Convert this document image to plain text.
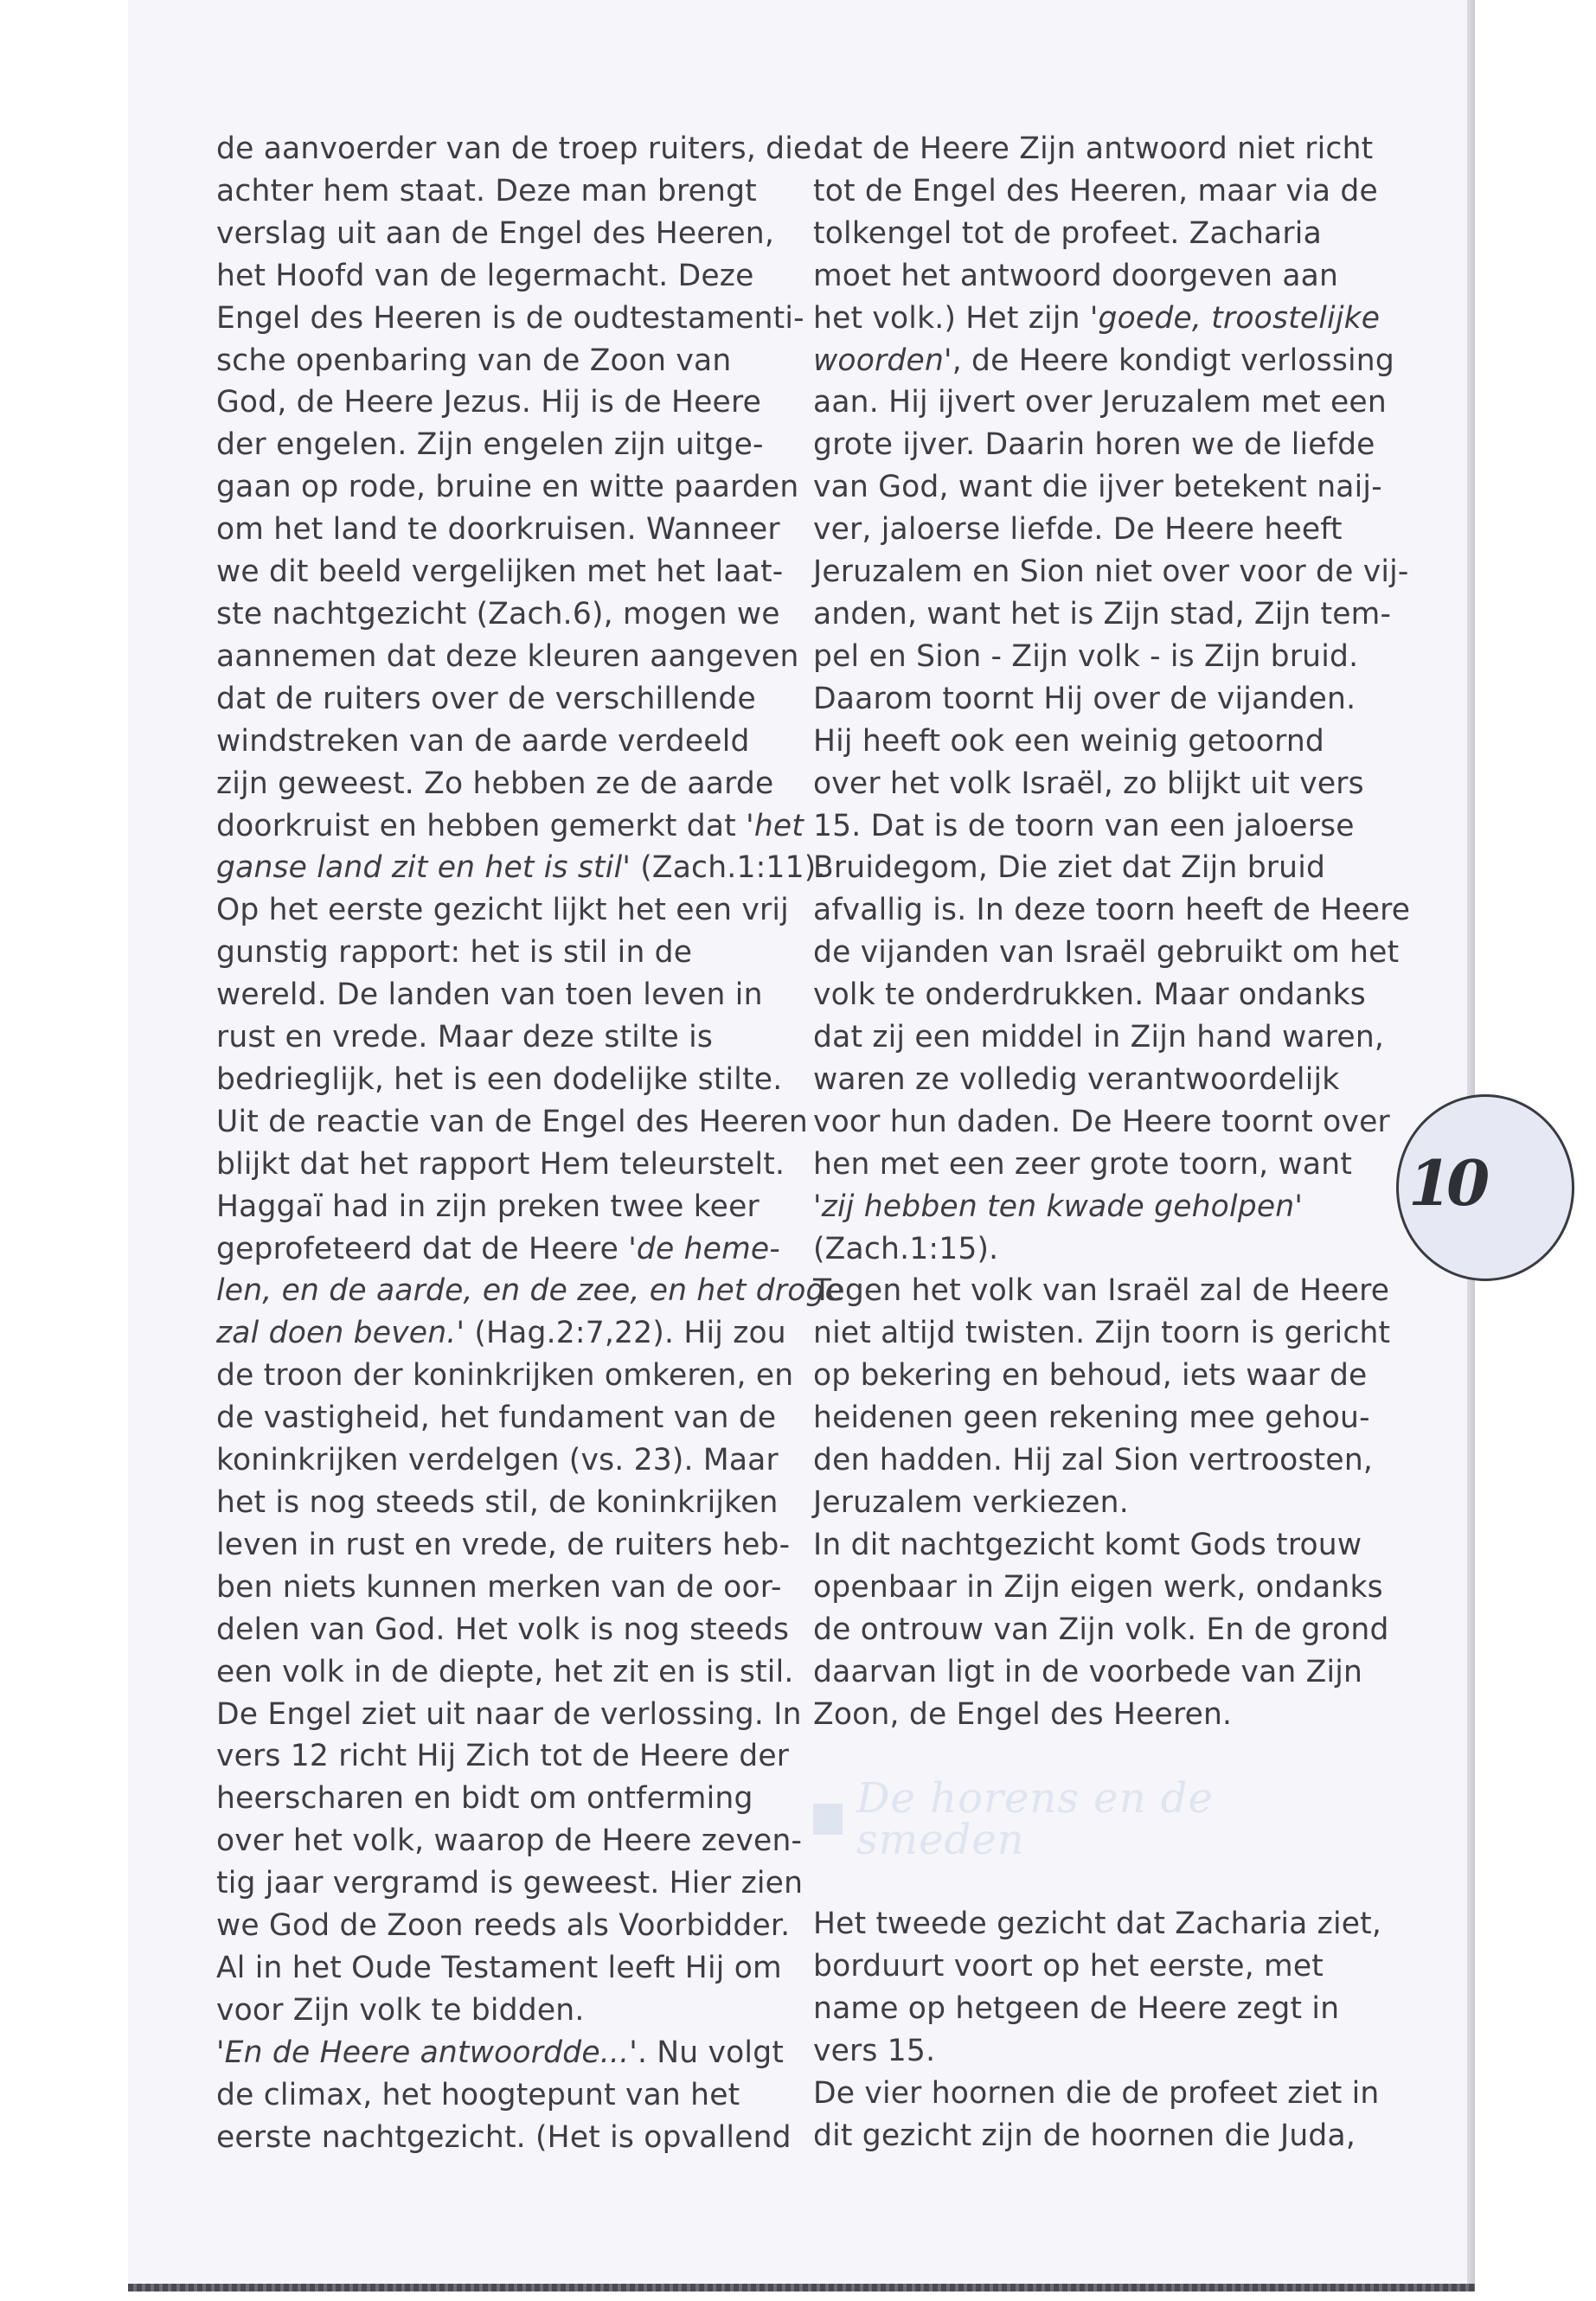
de aanvoerder van de troep ruiters, die
achter hem staat. Deze man brengt
verslag uit aan de Engel des Heeren,
het Hoofd van de legermacht. Deze
Engel des Heeren is de oudtestamenti-
sche openbaring van de Zoon van
God, de Heere Jezus. Hij is de Heere
der engelen. Zijn engelen zijn uitge-
gaan op rode, bruine en witte paarden
om het land te doorkruisen. Wanneer
we dit beeld vergelijken met het laat-
ste nachtgezicht (Zach.6), mogen we
aannemen dat deze kleuren aangeven
dat de ruiters over de verschillende
windstreken van de aarde verdeeld
zijn geweest. Zo hebben ze de aarde
doorkruist en hebben gemerkt dat 'het
ganse land zit en het is stil' (Zach.1:11).
Op het eerste gezicht lijkt het een vrij
gunstig rapport: het is stil in de
wereld. De landen van toen leven in
rust en vrede. Maar deze stilte is
bedrieglijk, het is een dodelijke stilte.
Uit de reactie van de Engel des Heeren
blijkt dat het rapport Hem teleurstelt.
Haggaï had in zijn preken twee keer
geprofeteerd dat de Heere 'de heme-
len, en de aarde, en de zee, en het droge
zal doen beven.' (Hag.2:7,22). Hij zou
de troon der koninkrijken omkeren, en
de vastigheid, het fundament van de
koninkrijken verdelgen (vs. 23). Maar
het is nog steeds stil, de koninkrijken
leven in rust en vrede, de ruiters heb-
ben niets kunnen merken van de oor-
delen van God. Het volk is nog steeds
een volk in de diepte, het zit en is stil.
De Engel ziet uit naar de verlossing. In
vers 12 richt Hij Zich tot de Heere der
heerscharen en bidt om ontferming
over het volk, waarop de Heere zeven-
tig jaar vergramd is geweest. Hier zien
we God de Zoon reeds als Voorbidder.
Al in het Oude Testament leeft Hij om
voor Zijn volk te bidden.
'En de Heere antwoordde...'. Nu volgt
de climax, het hoogtepunt van het
eerste nachtgezicht. (Het is opvallend
dat de Heere Zijn antwoord niet richt
tot de Engel des Heeren, maar via de
tolkengel tot de profeet. Zacharia
moet het antwoord doorgeven aan
het volk.) Het zijn 'goede, troostelijke
woorden', de Heere kondigt verlossing
aan. Hij ijvert over Jeruzalem met een
grote ijver. Daarin horen we de liefde
van God, want die ijver betekent naij-
ver, jaloerse liefde. De Heere heeft
Jeruzalem en Sion niet over voor de vij-
anden, want het is Zijn stad, Zijn tem-
pel en Sion - Zijn volk - is Zijn bruid.
Daarom toornt Hij over de vijanden.
Hij heeft ook een weinig getoornd
over het volk Israël, zo blijkt uit vers
15. Dat is de toorn van een jaloerse
Bruidegom, Die ziet dat Zijn bruid
afvallig is. In deze toorn heeft de Heere
de vijanden van Israël gebruikt om het
volk te onderdrukken. Maar ondanks
dat zij een middel in Zijn hand waren,
waren ze volledig verantwoordelijk
voor hun daden. De Heere toornt over
hen met een zeer grote toorn, want
'zij hebben ten kwade geholpen'
(Zach.1:15).
Tegen het volk van Israël zal de Heere
niet altijd twisten. Zijn toorn is gericht
op bekering en behoud, iets waar de
heidenen geen rekening mee gehou-
den hadden. Hij zal Sion vertroosten,
Jeruzalem verkiezen.
In dit nachtgezicht komt Gods trouw
openbaar in Zijn eigen werk, ondanks
de ontrouw van Zijn volk. En de grond
daarvan ligt in de voorbede van Zijn
Zoon, de Engel des Heeren.
De horens en de smeden
Het tweede gezicht dat Zacharia ziet,
borduurt voort op het eerste, met
name op hetgeen de Heere zegt in
vers 15.
De vier hoornen die de profeet ziet in
dit gezicht zijn de hoornen die Juda,
10
